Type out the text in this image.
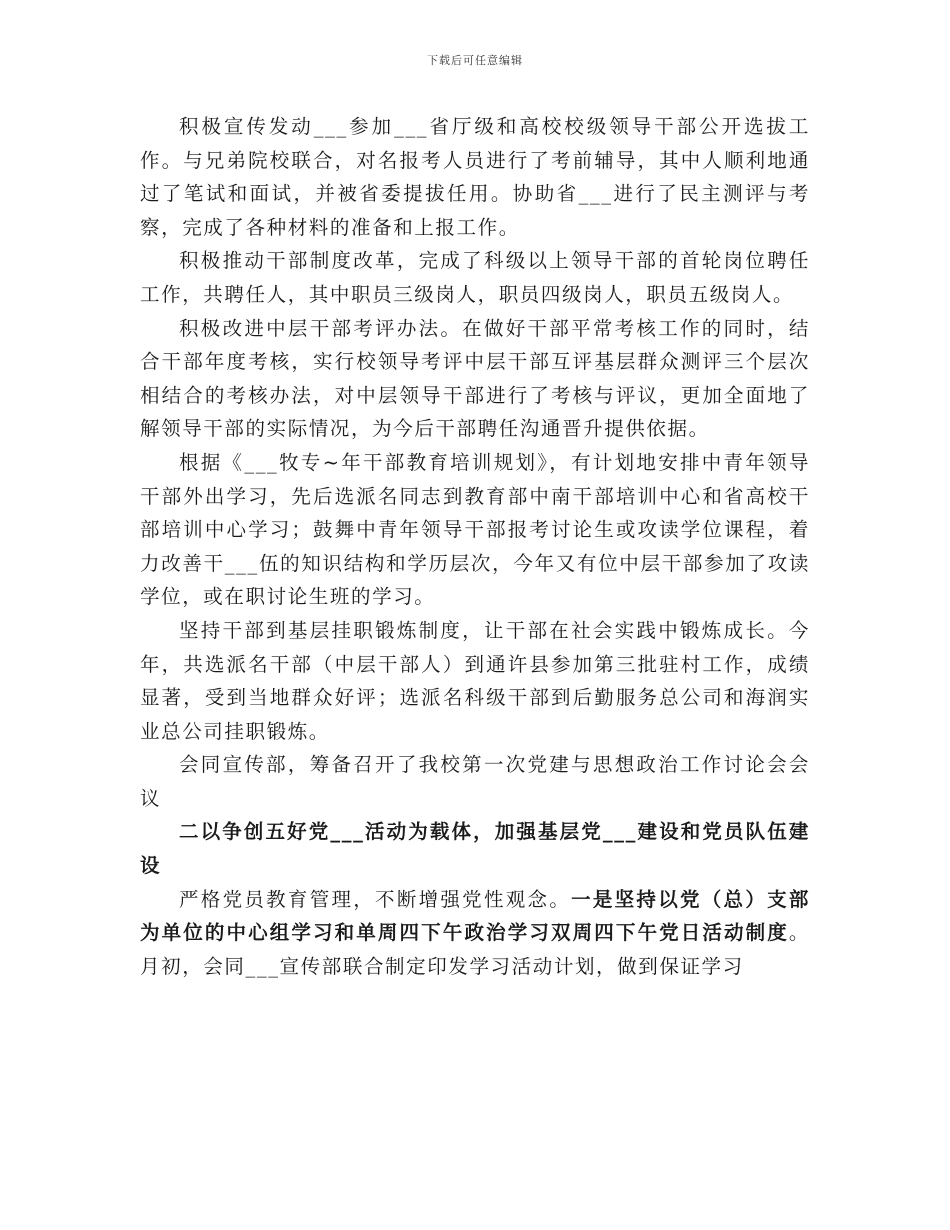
下载后可任意编辑

积极宣传发动___参加___省厅级和高校校级领导干部公开选拔工作。与兄弟院校联合，对名报考人员进行了考前辅导，其中人顺利地通过了笔试和面试，并被省委提拔任用。协助省___进行了民主测评与考察，完成了各种材料的准备和上报工作。

积极推动干部制度改革，完成了科级以上领导干部的首轮岗位聘任工作，共聘任人，其中职员三级岗人，职员四级岗人，职员五级岗人。

积极改进中层干部考评办法。在做好干部平常考核工作的同时，结合干部年度考核，实行校领导考评中层干部互评基层群众测评三个层次相结合的考核办法，对中层领导干部进行了考核与评议，更加全面地了解领导干部的实际情况，为今后干部聘任沟通晋升提供依据。

根据《___牧专~年干部教育培训规划》，有计划地安排中青年领导干部外出学习，先后选派名同志到教育部中南干部培训中心和省高校干部培训中心学习；鼓舞中青年领导干部报考讨论生或攻读学位课程，着力改善干___伍的知识结构和学历层次，今年又有位中层干部参加了攻读学位，或在职讨论生班的学习。

坚持干部到基层挂职锻炼制度，让干部在社会实践中锻炼成长。今年，共选派名干部（中层干部人）到通许县参加第三批驻村工作，成绩显著，受到当地群众好评；选派名科级干部到后勤服务总公司和海润实业总公司挂职锻炼。

会同宣传部，筹备召开了我校第一次党建与思想政治工作讨论会会议

二以争创五好党___活动为载体，加强基层党___建设和党员队伍建设

严格党员教育管理，不断增强党性观念。一是坚持以党（总）支部为单位的中心组学习和单周四下午政治学习双周四下午党日活动制度。月初，会同___宣传部联合制定印发学习活动计划，做到保证学习
